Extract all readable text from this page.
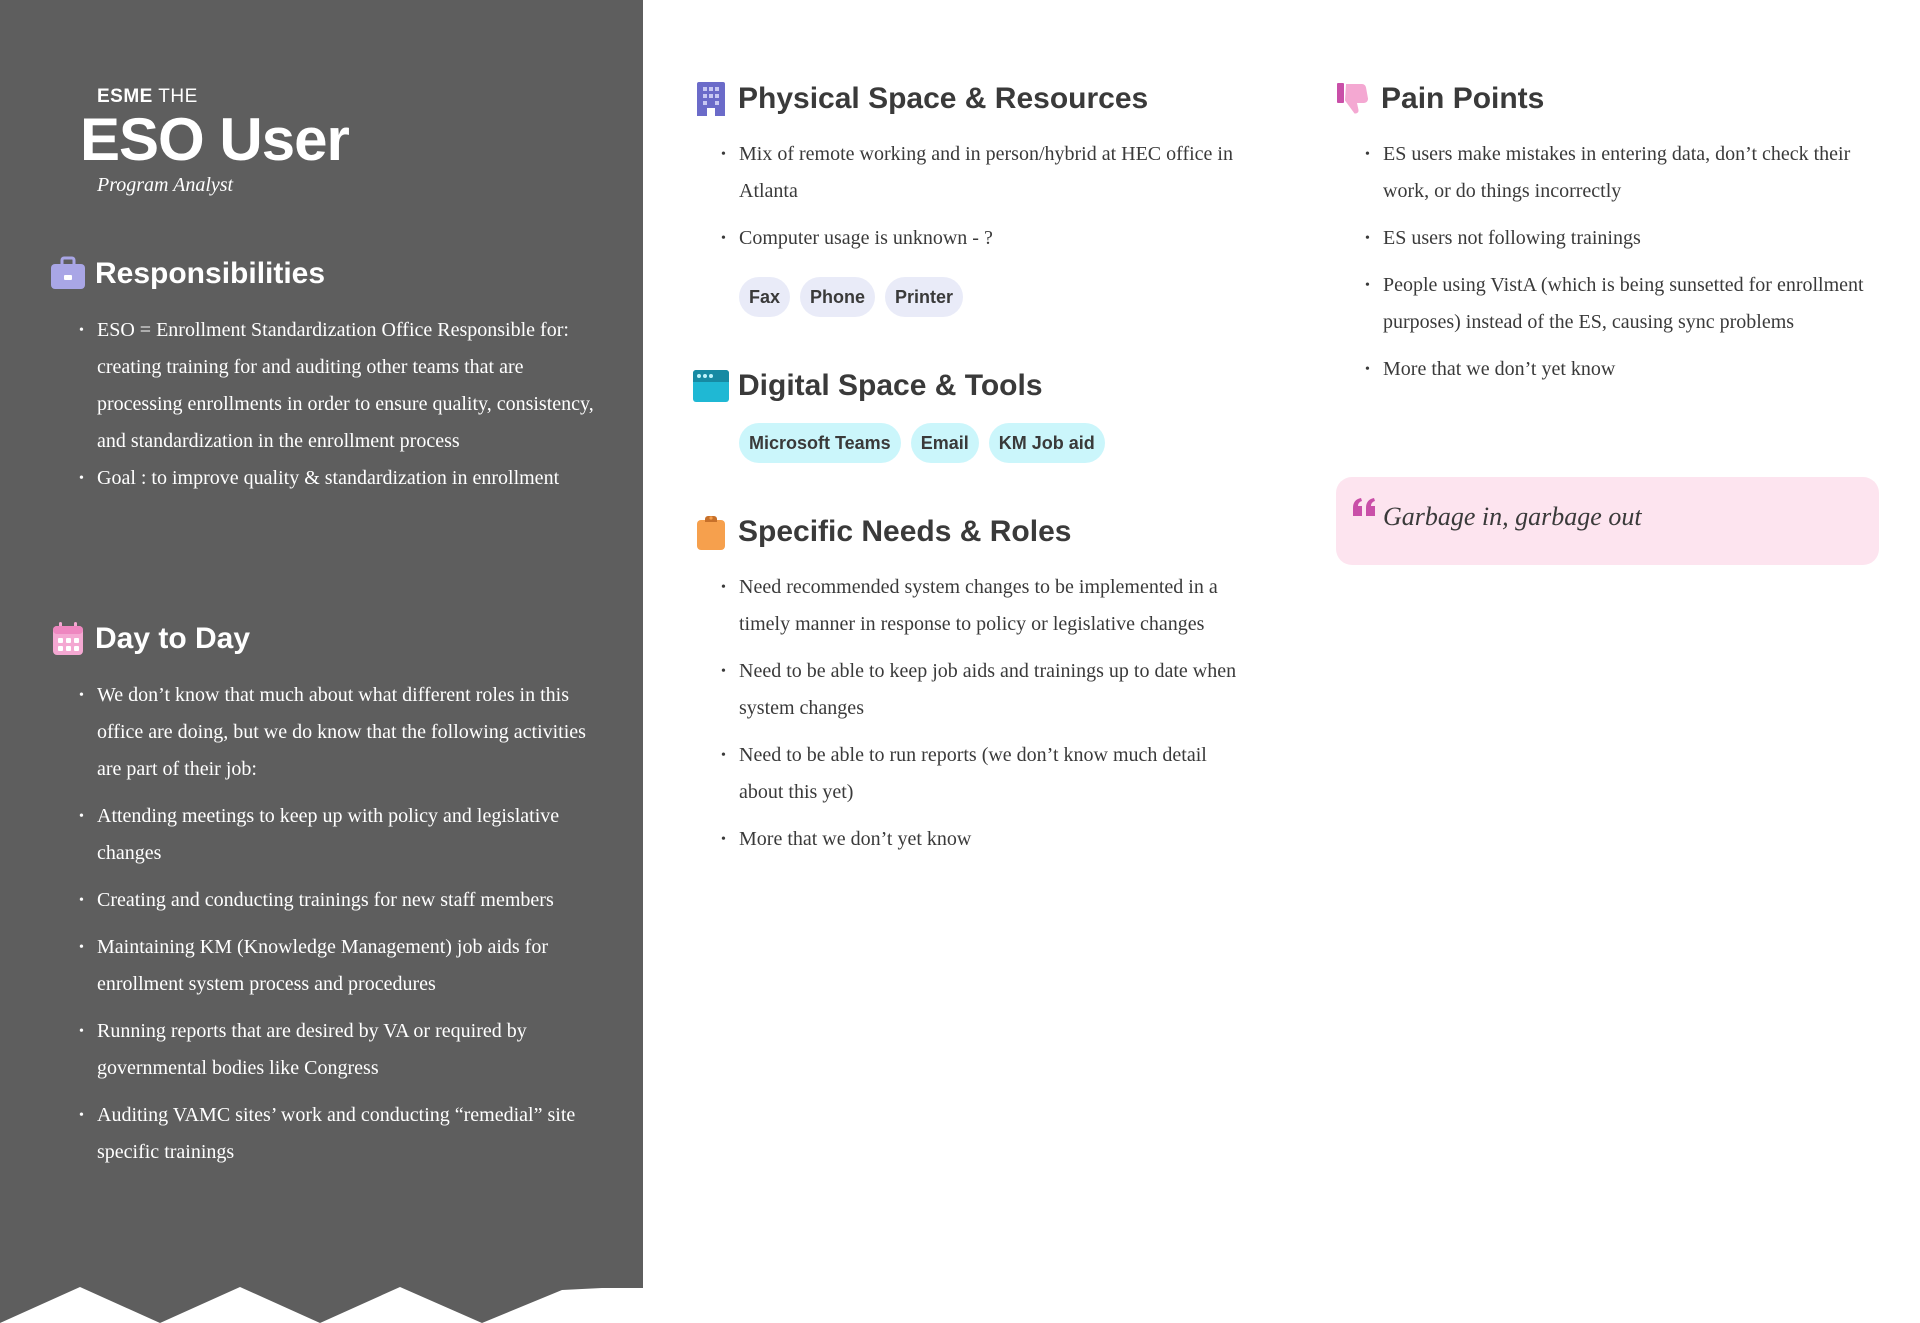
ESME THE
ESO User
Program Analyst
Responsibilities
• ESO = Enrollment Standardization Office Responsible for: creating training for and auditing other teams that are processing enrollments in order to ensure quality, consistency, and standardization in the enrollment process
• Goal : to improve quality & standardization in enrollment
Day to Day
• We don’t know that much about what different roles in this office are doing, but we do know that the following activities are part of their job:
• Attending meetings to keep up with policy and legislative changes
• Creating and conducting trainings for new staff members
• Maintaining KM (Knowledge Management) job aids for enrollment system process and procedures
• Running reports that are desired by VA or required by governmental bodies like Congress
• Auditing VAMC sites’ work and conducting “remedial” site specific trainings
Physical Space & Resources
• Mix of remote working and in person/hybrid at HEC office in Atlanta
• Computer usage is unknown - ?
Fax	Phone	Printer
Digital Space & Tools
Microsoft Teams	Email	KM Job aid
Specific Needs & Roles
• Need recommended system changes to be implemented in a timely manner in response to policy or legislative changes
• Need to be able to keep job aids and trainings up to date when system changes
• Need to be able to run reports (we don’t know much detail about this yet)
• More that we don’t yet know
Pain Points
• ES users make mistakes in entering data, don’t check their work, or do things incorrectly
• ES users not following trainings
• People using VistA (which is being sunsetted for enrollment purposes) instead of the ES, causing sync problems
• More that we don’t yet know
Garbage in, garbage out
